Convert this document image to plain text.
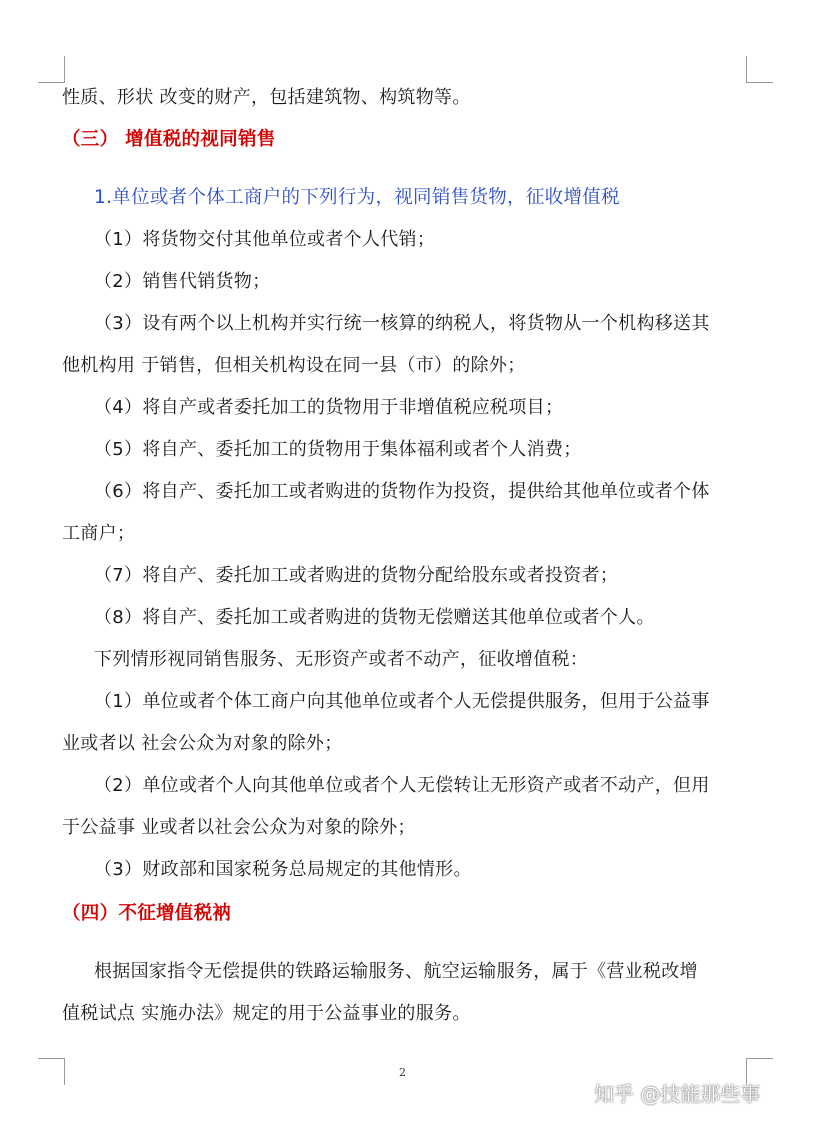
性质、形状 改变的财产，包括建筑物、构筑物等。
（三） 增值税的视同销售
1.单位或者个体工商户的下列行为，视同销售货物，征收增值税
（1）将货物交付其他单位或者个人代销；
（2）销售代销货物；
（3）设有两个以上机构并实行统一核算的纳税人，将货物从一个机构移送其
他机构用 于销售，但相关机构设在同一县（市）的除外；
（4）将自产或者委托加工的货物用于非增值税应税项目；
（5）将自产、委托加工的货物用于集体福利或者个人消费；
（6）将自产、委托加工或者购进的货物作为投资，提供给其他单位或者个体
工商户；
（7）将自产、委托加工或者购进的货物分配给股东或者投资者；
（8）将自产、委托加工或者购进的货物无偿赠送其他单位或者个人。
下列情形视同销售服务、无形资产或者不动产，征收增值税：
（1）单位或者个体工商户向其他单位或者个人无偿提供服务，但用于公益事
业或者以 社会公众为对象的除外；
（2）单位或者个人向其他单位或者个人无偿转让无形资产或者不动产，但用
于公益事 业或者以社会公众为对象的除外；
（3）财政部和国家税务总局规定的其他情形。
（四）不征增值税衲
根据国家指令无偿提供的铁路运输服务、航空运输服务，属于《营业税改增
值税试点 实施办法》规定的用于公益事业的服务。
2
知乎 @技能那些事
